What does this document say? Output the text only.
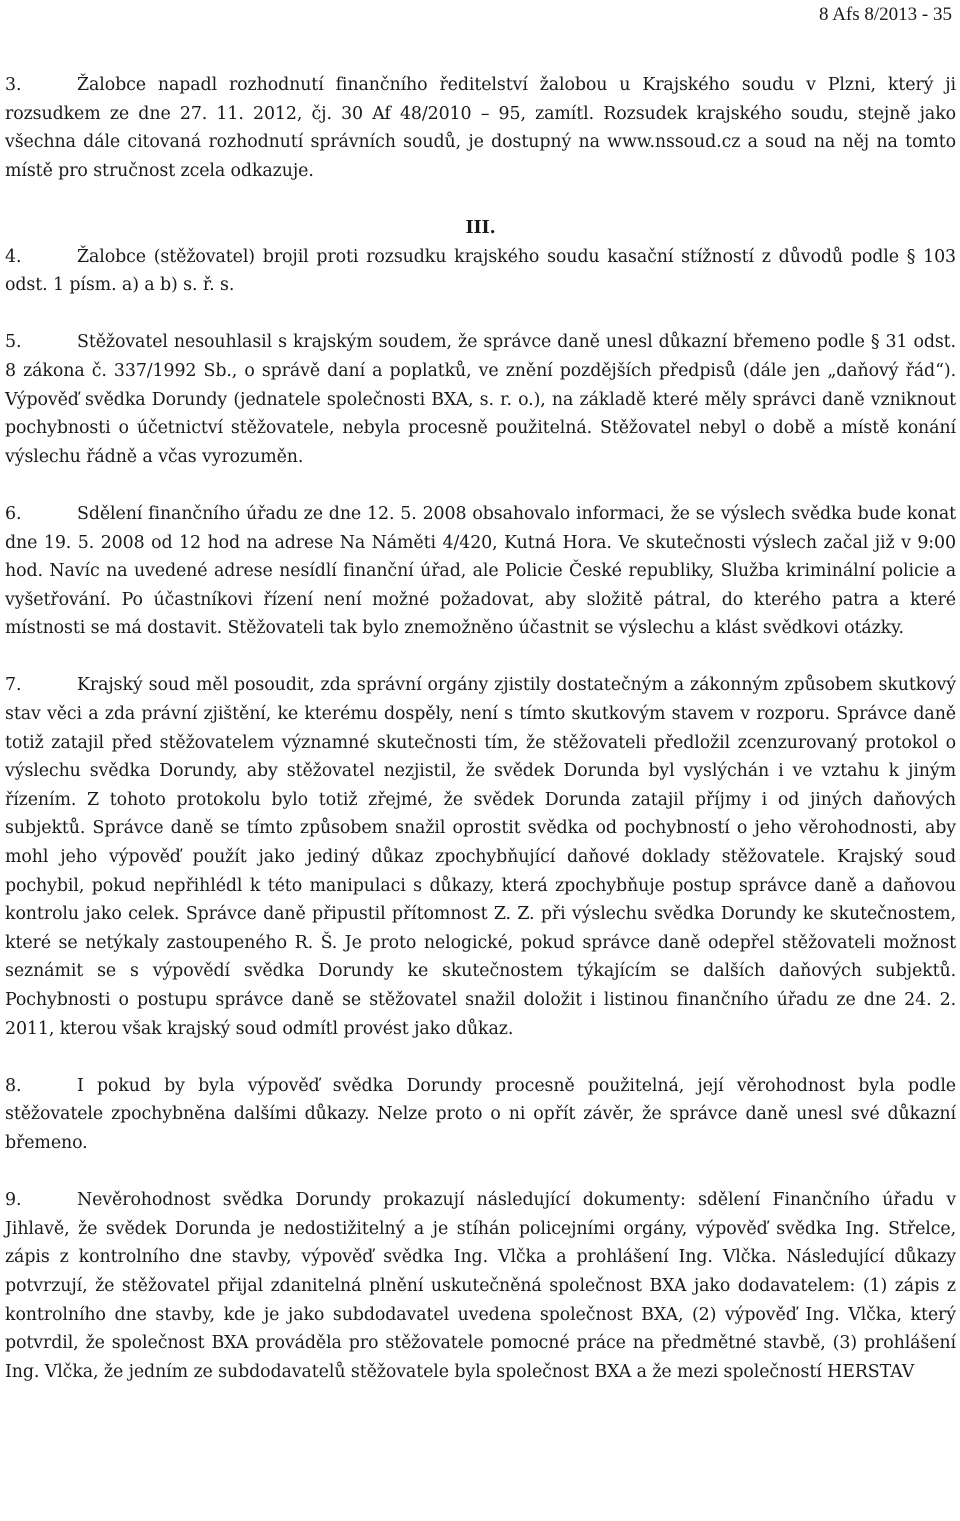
8 Afs 8/2013 - 35

3.	Žalobce napadl rozhodnutí finančního ředitelství žalobou u Krajského soudu v Plzni, který ji rozsudkem ze dne 27. 11. 2012, čj. 30 Af 48/2010 – 95, zamítl. Rozsudek krajského soudu, stejně jako všechna dále citovaná rozhodnutí správních soudů, je dostupný na www.nssoud.cz a soud na něj na tomto místě pro stručnost zcela odkazuje.

III.

4.	Žalobce (stěžovatel) brojil proti rozsudku krajského soudu kasační stížností z důvodů podle § 103 odst. 1 písm. a) a b) s. ř. s.

5.	Stěžovatel nesouhlasil s krajským soudem, že správce daně unesl důkazní břemeno podle § 31 odst. 8 zákona č. 337/1992 Sb., o správě daní a poplatků, ve znění pozdějších předpisů (dále jen „daňový řád“). Výpověď svědka Dorundy (jednatele společnosti BXA, s. r. o.), na základě které měly správci daně vzniknout pochybnosti o účetnictví stěžovatele, nebyla procesně použitelná. Stěžovatel nebyl o době a místě konání výslechu řádně a včas vyrozuměn.

6.	Sdělení finančního úřadu ze dne 12. 5. 2008 obsahovalo informaci, že se výslech svědka bude konat dne 19. 5. 2008 od 12 hod na adrese Na Náměti 4/420, Kutná Hora. Ve skutečnosti výslech začal již v 9:00 hod. Navíc na uvedené adrese nesídlí finanční úřad, ale Policie České republiky, Služba kriminální policie a vyšetřování. Po účastníkovi řízení není možné požadovat, aby složitě pátral, do kterého patra a které místnosti se má dostavit. Stěžovateli tak bylo znemožněno účastnit se výslechu a klást svědkovi otázky.

7.	Krajský soud měl posoudit, zda správní orgány zjistily dostatečným a zákonným způsobem skutkový stav věci a zda právní zjištění, ke kterému dospěly, není s tímto skutkovým stavem v rozporu. Správce daně totiž zatajil před stěžovatelem významné skutečnosti tím, že stěžovateli předložil zcenzurovaný protokol o výslechu svědka Dorundy, aby stěžovatel nezjistil, že svědek Dorunda byl vyslýchán i ve vztahu k jiným řízením. Z tohoto protokolu bylo totiž zřejmé, že svědek Dorunda zatajil příjmy i od jiných daňových subjektů. Správce daně se tímto způsobem snažil oprostit svědka od pochybností o jeho věrohodnosti, aby mohl jeho výpověď použít jako jediný důkaz zpochybňující daňové doklady stěžovatele. Krajský soud pochybil, pokud nepřihlédl k této manipulaci s důkazy, která zpochybňuje postup správce daně a daňovou kontrolu jako celek. Správce daně připustil přítomnost Z. Z. při výslechu svědka Dorundy ke skutečnostem, které se netýkaly zastoupeného R. Š. Je proto nelogické, pokud správce daně odepřel stěžovateli možnost seznámit se s výpovědí svědka Dorundy ke skutečnostem týkajícím se dalších daňových subjektů. Pochybnosti o postupu správce daně se stěžovatel snažil doložit i listinou finančního úřadu ze dne 24. 2. 2011, kterou však krajský soud odmítl provést jako důkaz.

8.	I pokud by byla výpověď svědka Dorundy procesně použitelná, její věrohodnost byla podle stěžovatele zpochybněna dalšími důkazy. Nelze proto o ni opřít závěr, že správce daně unesl své důkazní břemeno.

9.	Nevěrohodnost svědka Dorundy prokazují následující dokumenty: sdělení Finančního úřadu v Jihlavě, že svědek Dorunda je nedostižitelný a je stíhán policejními orgány, výpověď svědka Ing. Střelce, zápis z kontrolního dne stavby, výpověď svědka Ing. Vlčka a prohlášení Ing. Vlčka. Následující důkazy potvrzují, že stěžovatel přijal zdanitelná plnění uskutečněná společnost BXA jako dodavatelem: (1) zápis z kontrolního dne stavby, kde je jako subdodavatel uvedena společnost BXA, (2) výpověď Ing. Vlčka, který potvrdil, že společnost BXA prováděla pro stěžovatele pomocné práce na předmětné stavbě, (3) prohlášení Ing. Vlčka, že jedním ze subdodavatelů stěžovatele byla společnost BXA a že mezi společností HERSTAV
